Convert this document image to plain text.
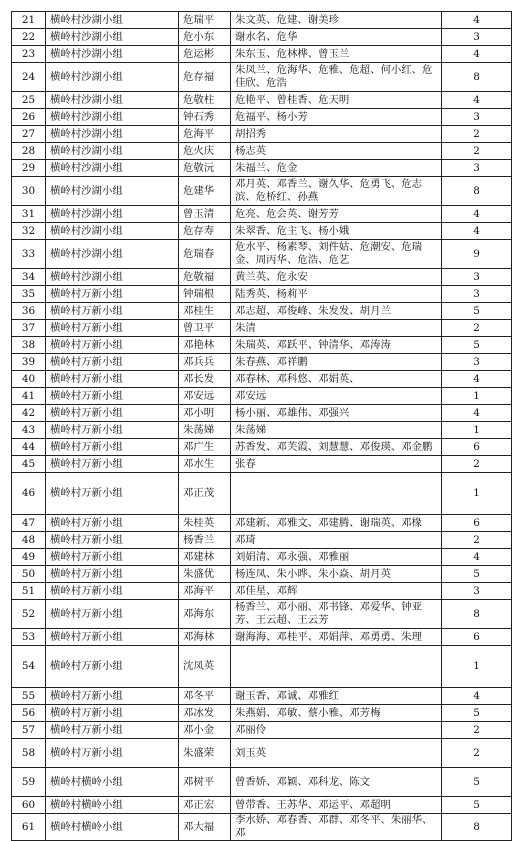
21	横岭村沙湖小组	危瑞平	朱文英、危建、谢美珍	4
22	横岭村沙湖小组	危小东	谢水名、危华	3
23	横岭村沙湖小组	危运彬	朱东玉、危林桦、曾玉兰	4
24	横岭村沙湖小组	危存福	朱凤兰、危海华、危雅、危超、何小红、危佳欣、危浩	8
25	横岭村沙湖小组	危敬柱	危艳平、曾桂香、危天明	4
26	横岭村沙湖小组	钟石秀	危福平、杨小芳	3
27	横岭村沙湖小组	危海平	胡招秀	2
28	横岭村沙湖小组	危火庆	杨志英	2
29	横岭村沙湖小组	危敬沅	朱福兰、危金	3
30	横岭村沙湖小组	危建华	邓月英、邓香兰、谢久华、危勇飞、危志滨、危桥红、孙燕	8
31	横岭村沙湖小组	曾玉清	危亮、危会英、谢芳芳	4
32	横岭村沙湖小组	危存寿	朱翠香、危主飞、杨小娥	4
33	横岭村沙湖小组	危瑞春	危水平、杨素琴、刘件姑、危潮安、危瑞金、周丙华、危浩、危艺	9
34	横岭村沙湖小组	危敬福	黄兰英、危永安	3
35	横岭村万新小组	钟瑞根	陆秀英、杨莉平	3
36	横岭村万新小组	邓桂生	邓志超、邓俊峰、朱发发、胡月兰	5
37	横岭村万新小组	曾卫平	朱清	2
38	横岭村万新小组	邓艳林	朱瑞英、邓跃平、钟清华、邓涛涛	5
39	横岭村万新小组	邓兵兵	朱春燕、邓祥鹏	3
40	横岭村万新小组	邓长发	邓春林、邓科悠、邓娟英、	4
41	横岭村万新小组	邓安远	邓安远	1
42	横岭村万新小组	邓小明	杨小丽、邓雄伟、邓强兴	4
43	横岭村万新小组	朱荡娣	朱荡娣	1
44	横岭村万新小组	邓广生	苏香发、邓芙霞、刘慧慧、邓俊瑛、邓金鹏	6
45	横岭村万新小组	邓水生	张春	2
46	横岭村万新小组	邓正茂		1
47	横岭村万新小组	朱桂英	邓建新、邓雅文、邓建腾、谢瑞英、邓椽	6
48	横岭村万新小组	杨香兰	邓琦	2
49	横岭村万新小组	邓建林	刘娟清、邓永强、邓雅丽	4
50	横岭村万新小组	朱盛优	杨连凤、朱小晔、朱小焱、胡月英	5
51	横岭村万新小组	邓海平	邓佳星、邓辉	3
52	横岭村万新小组	邓海东	杨香兰、邓小丽、邓书锋、邓爱华、钟亚芳、王云超、王云芳	8
53	横岭村万新小组	邓海林	谢海海、邓桂平、邓娟萍、邓勇勇、朱理	6
54	横岭村万新小组	沈凤英		1
55	横岭村万新小组	邓冬平	谢玉香、邓诚、邓雅红	4
56	横岭村万新小组	邓冰发	朱燕娟、邓敏、蔡小雅、邓芳梅	5
57	横岭村万新小组	邓小金	邓丽伶	2
58	横岭村万新小组	朱盛荣	刘玉英	2
59	横岭村横岭小组	邓树平	曾香娇、邓颖、邓科龙、陈文	5
60	横岭村横岭小组	邓正宏	曾带香、王苏华、邓运平、邓超明	5
61	横岭村横岭小组	邓大福	李水娇、邓春香、邓群、邓冬平、朱丽华、邓	8
